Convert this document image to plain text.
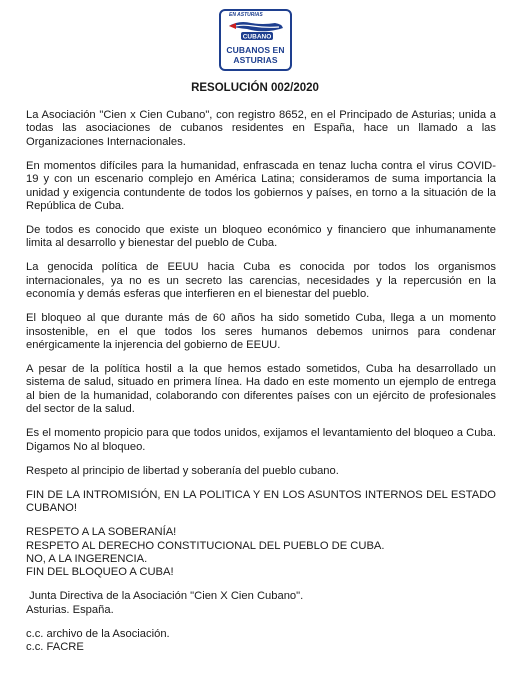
EN ASTURIAS
CUBANO
CUBANOS EN
ASTURIAS
RESOLUCIÓN 002/2020

La Asociación "Cien x Cien Cubano", con registro 8652, en el Principado de Asturias; unida a todas las asociaciones de cubanos residentes en España, hace un llamado a las Organizaciones Internacionales.

En momentos difíciles para la humanidad, enfrascada en tenaz lucha contra el virus COVID-19 y con un escenario complejo en América Latina; consideramos de suma importancia la unidad y exigencia contundente de todos los gobiernos y países, en torno a la situación de la República de Cuba.

De todos es conocido que existe un bloqueo económico y financiero que inhumanamente limita al desarrollo y bienestar del pueblo de Cuba.

La genocida política de EEUU hacia Cuba es conocida por todos los organismos internacionales, ya no es un secreto las carencias, necesidades y la repercusión en la economía y demás esferas que interfieren en el bienestar del pueblo.

El bloqueo al que durante más de 60 años ha sido sometido Cuba, llega a un momento insostenible, en el que todos los seres humanos debemos unirnos para condenar enérgicamente la injerencia del gobierno de EEUU.

A pesar de la política hostil a la que hemos estado sometidos, Cuba ha desarrollado un sistema de salud, situado en primera línea. Ha dado en este momento un ejemplo de entrega al bien de la humanidad, colaborando con diferentes países con un ejército de profesionales del sector de la salud.

Es el momento propicio para que todos unidos, exijamos el levantamiento del bloqueo a Cuba. Digamos No al bloqueo.

Respeto al principio de libertad y soberanía del pueblo cubano.

FIN DE LA INTROMISIÓN, EN LA POLITICA Y EN LOS ASUNTOS INTERNOS DEL ESTADO CUBANO!

RESPETO A LA SOBERANÍA!
RESPETO AL DERECHO CONSTITUCIONAL DEL PUEBLO DE CUBA.
NO, A LA INGERENCIA.
FIN DEL BLOQUEO A CUBA!
Junta Directiva de la Asociación "Cien X Cien Cubano".
Asturias. España.
c.c. archivo de la Asociación.
c.c. FACRE
